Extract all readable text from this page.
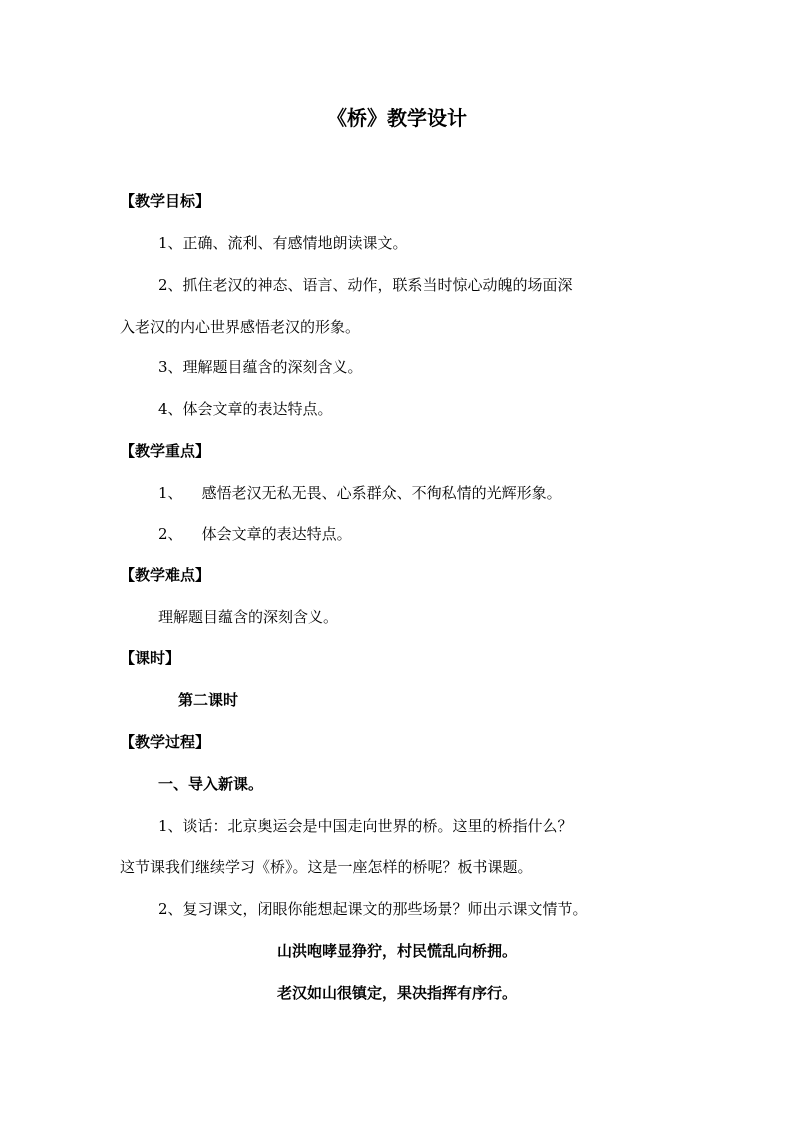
《桥》教学设计
【教学目标】
1、正确、流利、有感情地朗读课文。
2、抓住老汉的神态、语言、动作，联系当时惊心动魄的场面深
入老汉的内心世界感悟老汉的形象。
3、理解题目蕴含的深刻含义。
4、体会文章的表达特点。
【教学重点】
1、    感悟老汉无私无畏、心系群众、不徇私情的光辉形象。
2、    体会文章的表达特点。
【教学难点】
理解题目蕴含的深刻含义。
【课时】
第二课时
【教学过程】
一、导入新课。
1、谈话：北京奥运会是中国走向世界的桥。这里的桥指什么？
这节课我们继续学习《桥》。这是一座怎样的桥呢？板书课题。
2、复习课文，闭眼你能想起课文的那些场景？师出示课文情节。
山洪咆哮显狰狞，村民慌乱向桥拥。
老汉如山很镇定，果决指挥有序行。
